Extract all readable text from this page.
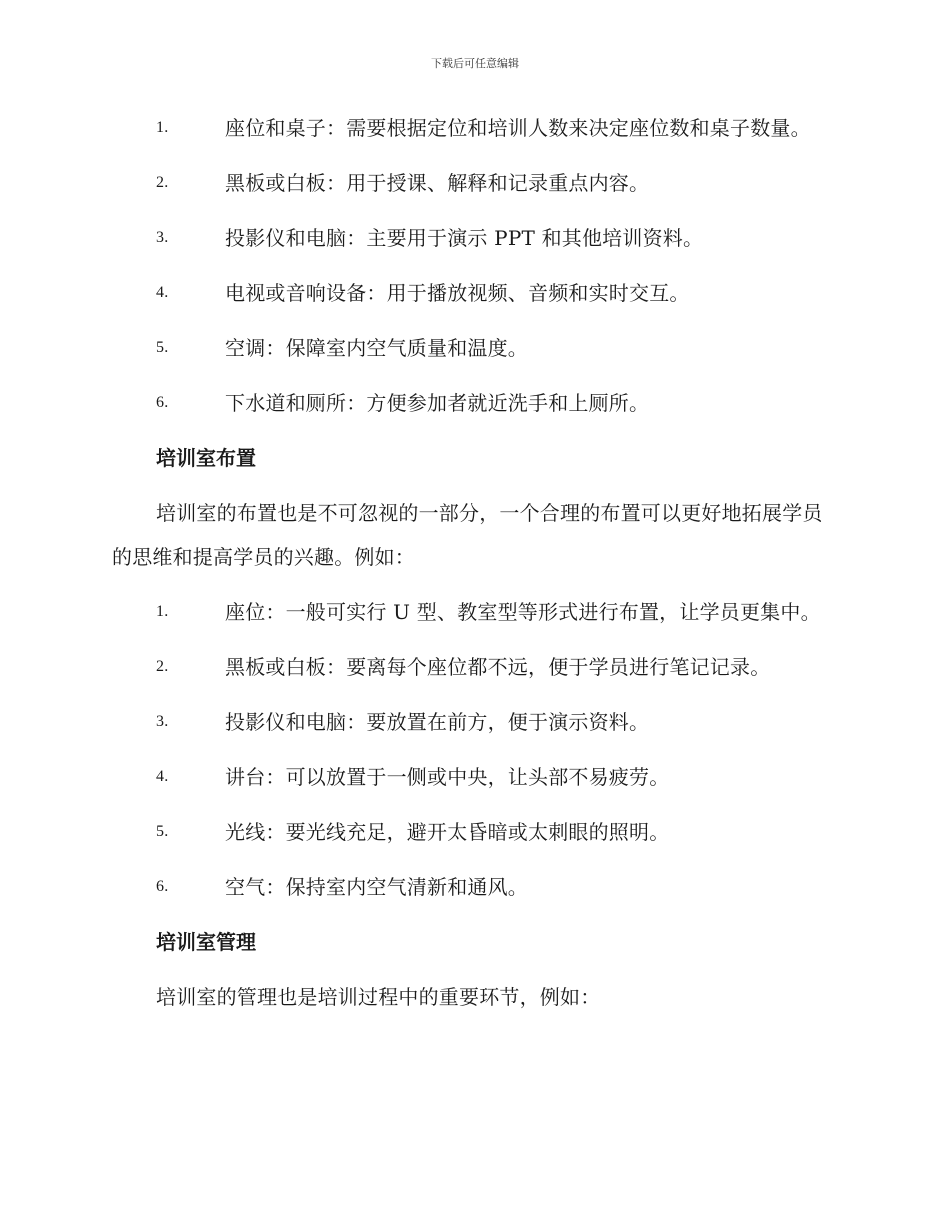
下载后可任意编辑
1.	座位和桌子：需要根据定位和培训人数来决定座位数和桌子数量。
2.	黑板或白板：用于授课、解释和记录重点内容。
3.	投影仪和电脑：主要用于演示 PPT 和其他培训资料。
4.	电视或音响设备：用于播放视频、音频和实时交互。
5.	空调：保障室内空气质量和温度。
6.	下水道和厕所：方便参加者就近洗手和上厕所。
培训室布置
培训室的布置也是不可忽视的一部分，一个合理的布置可以更好地拓展学员的思维和提高学员的兴趣。例如：
1.	座位：一般可实行 U 型、教室型等形式进行布置，让学员更集中。
2.	黑板或白板：要离每个座位都不远，便于学员进行笔记记录。
3.	投影仪和电脑：要放置在前方，便于演示资料。
4.	讲台：可以放置于一侧或中央，让头部不易疲劳。
5.	光线：要光线充足，避开太昏暗或太刺眼的照明。
6.	空气：保持室内空气清新和通风。
培训室管理
培训室的管理也是培训过程中的重要环节，例如：
